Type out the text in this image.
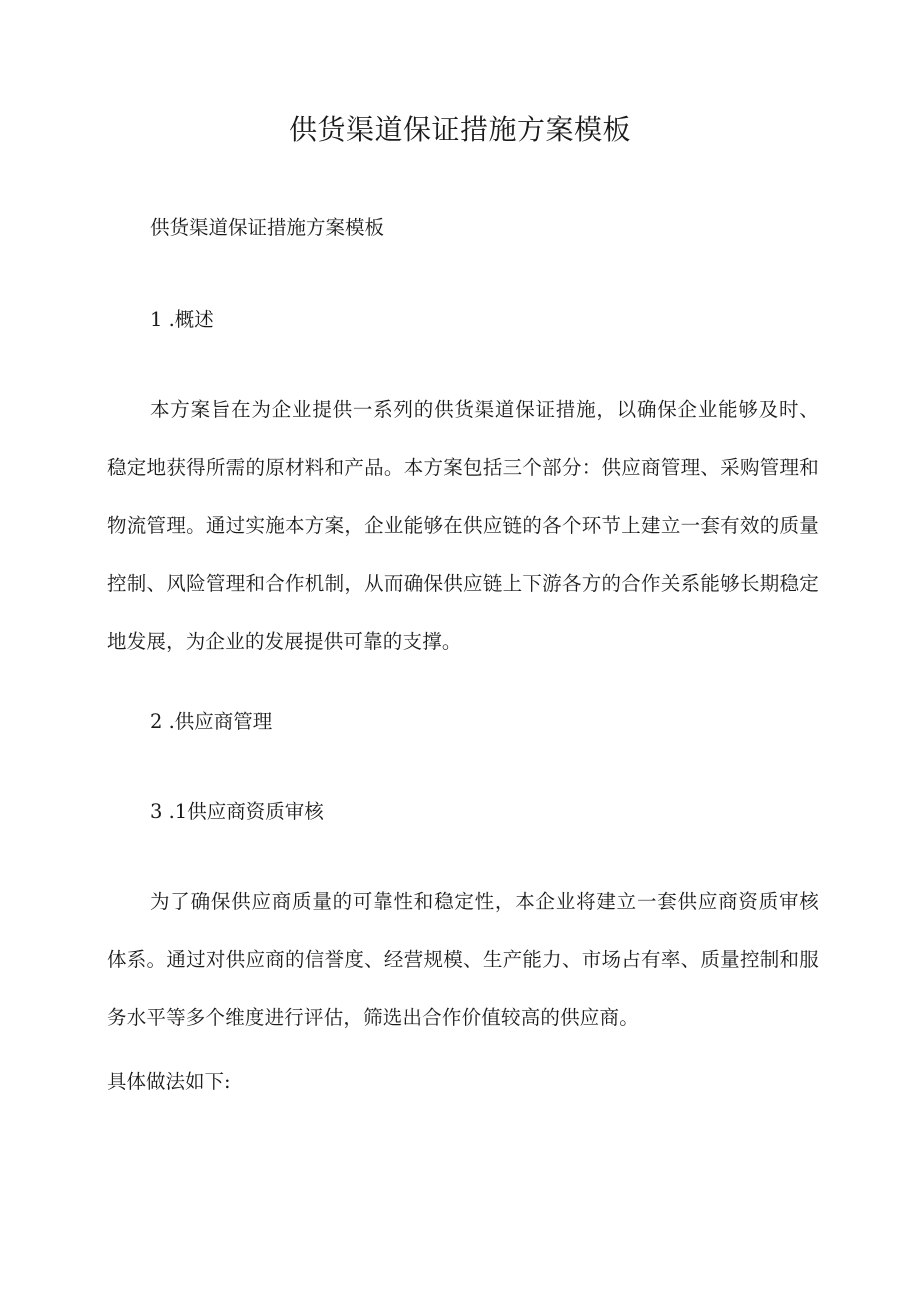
供货渠道保证措施方案模板

供货渠道保证措施方案模板

1 .概述

本方案旨在为企业提供一系列的供货渠道保证措施，以确保企业能够及时、稳定地获得所需的原材料和产品。本方案包括三个部分：供应商管理、采购管理和物流管理。通过实施本方案，企业能够在供应链的各个环节上建立一套有效的质量控制、风险管理和合作机制，从而确保供应链上下游各方的合作关系能够长期稳定地发展，为企业的发展提供可靠的支撑。

2 .供应商管理

3 .1供应商资质审核

为了确保供应商质量的可靠性和稳定性，本企业将建立一套供应商资质审核体系。通过对供应商的信誉度、经营规模、生产能力、市场占有率、质量控制和服务水平等多个维度进行评估，筛选出合作价值较高的供应商。

具体做法如下:
